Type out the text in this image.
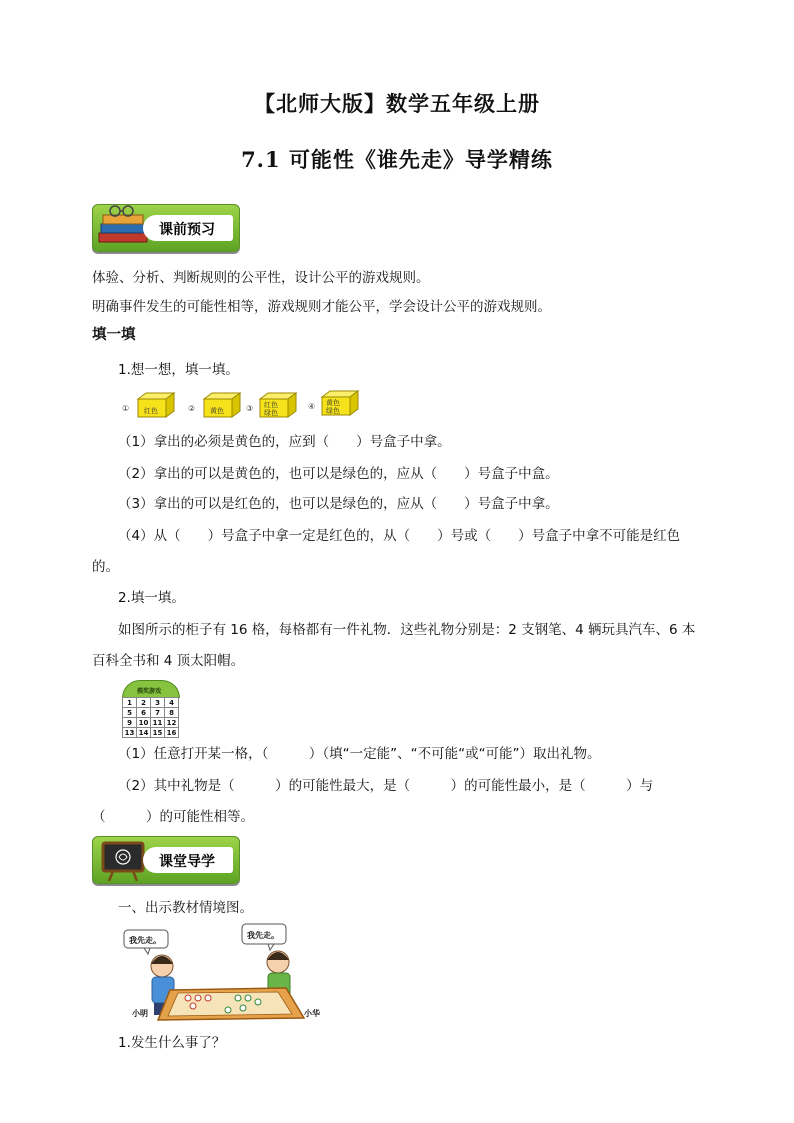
【北师大版】数学五年级上册
7.1 可能性《谁先走》导学精练
课前预习
体验、分析、判断规则的公平性，设计公平的游戏规则。
明确事件发生的可能性相等，游戏规则才能公平，学会设计公平的游戏规则。
填一填
1.想一想，填一填。
① 红色	② 黄色	③ 红色
绿色
④ 黄色
绿色
（1）拿出的必须是黄色的，应到（　　）号盒子中拿。
（2）拿出的可以是黄色的，也可以是绿色的，应从（　　）号盒子中盒。
（3）拿出的可以是红色的，也可以是绿色的，应从（　　）号盒子中拿。
（4）从（　　）号盒子中拿一定是红色的，从（　　）号或（　　）号盒子中拿不可能是红色
的。
2.填一填。
如图所示的柜子有 16 格，每格都有一件礼物．这些礼物分别是：2 支钢笔、4 辆玩具汽车、6 本
百科全书和 4 顶太阳帽。
摸奖游戏
1	2	3	4
5	6	7	8
9	10	11	12
13	14	15	16
（1）任意打开某一格，（　　　）（填“一定能”、“不可能“或“可能”）取出礼物。
（2）其中礼物是（　　　）的可能性最大，是（　　　）的可能性最小，是（　　　）与
（　　　）的可能性相等。
课堂导学
一、出示教材情境图。
我先走。
我先走。
小明	小华
1.发生什么事了？
